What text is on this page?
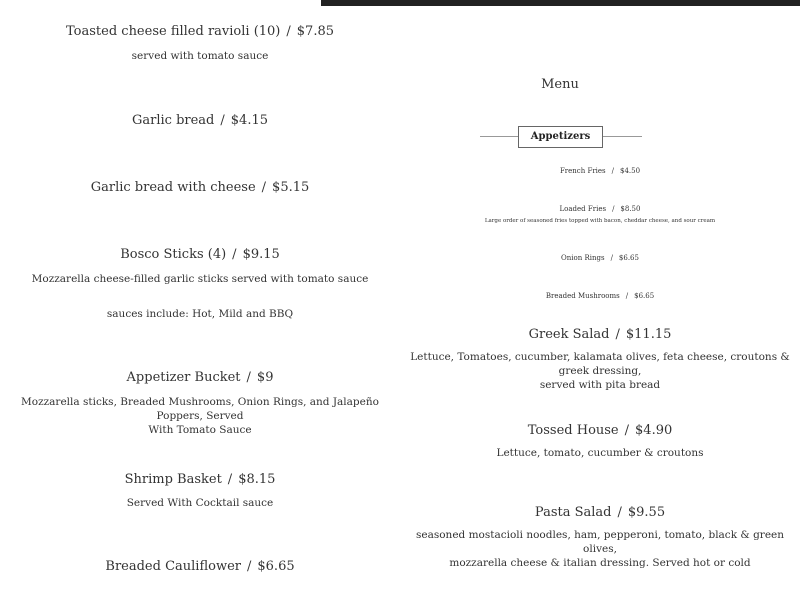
Toasted cheese filled ravioli (10) / $7.85
served with tomato sauce
Garlic bread / $4.15
Garlic bread with cheese / $5.15
Bosco Sticks (4) / $9.15
Mozzarella cheese-filled garlic sticks served with tomato sauce
sauces include: Hot, Mild and BBQ
Appetizer Bucket / $9
Mozzarella sticks, Breaded Mushrooms, Onion Rings, and Jalapeño Poppers, Served
With Tomato Sauce
Shrimp Basket / $8.15
Served With Cocktail sauce
Breaded Cauliflower / $6.65
Menu
Appetizers
French Fries / $4.50
Loaded Fries / $8.50
Large order of seasoned fries topped with bacon, cheddar cheese, and sour cream
Onion Rings / $6.65
Breaded Mushrooms / $6.65
Greek Salad / $11.15
Lettuce, Tomatoes, cucumber, kalamata olives, feta cheese, croutons & greek dressing,
served with pita bread
Tossed House / $4.90
Lettuce, tomato, cucumber & croutons
Pasta Salad / $9.55
seasoned mostacioli noodles, ham, pepperoni, tomato, black & green olives,
mozzarella cheese & italian dressing. Served hot or cold
